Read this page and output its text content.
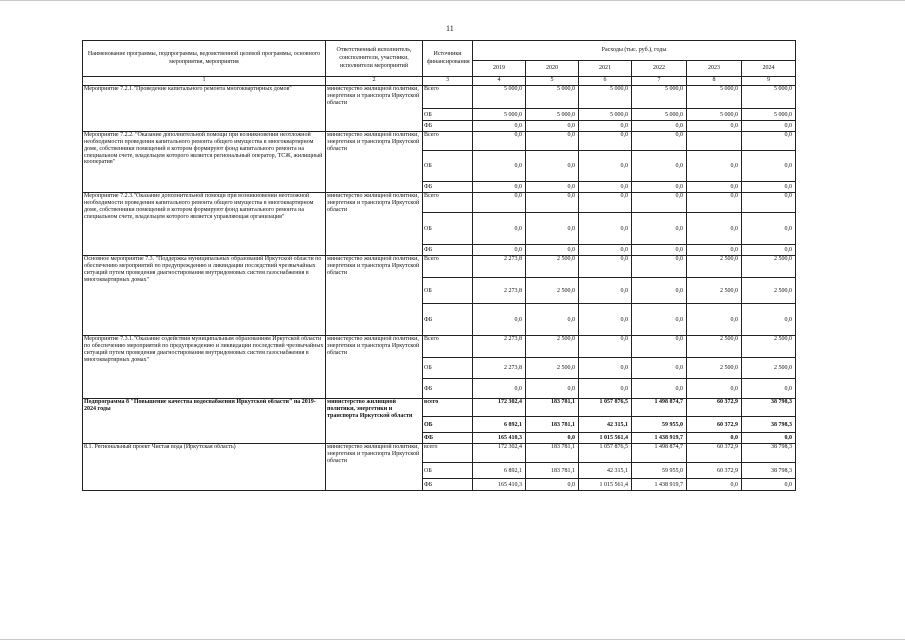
11
Наименование программы, подпрограммы, ведомственной целевой программы, основного мероприятия, мероприятия	Ответственный исполнитель, соисполнители, участники, исполнители мероприятий	Источники финансирования	Расходы (тыс. руб.), годы					
			2019	2020	2021	2022	2023	2024
1	2	3	4	5	6	7	8	9
Мероприятие 7.2.1."Проведение капитального ремонта многоквартирных домов"	министерство жилищной политики, энергетики и транспорта Иркутской области	Всего	5 000,0	5 000,0	5 000,0	5 000,0	5 000,0	5 000,0
		ОБ	5 000,0	5 000,0	5 000,0	5 000,0	5 000,0	5 000,0
		ФБ	0,0	0,0	0,0	0,0	0,0	0,0
Мероприятие 7.2.2. "Оказание дополнительной помощи при возникновении неотложной необходимости проведения капитального ремонта общего имущества в многоквартирном доме, собственники помещений в котором формируют фонд капитального ремонта на специальном счете, владельцем которого является региональный оператор, ТСЖ, жилищный кооператив"	министерство жилищной политики, энергетики и транспорта Иркутской области	Всего	0,0	0,0	0,0	0,0		0,0
		ОБ	0,0	0,0	0,0	0,0	0,0	0,0
		ФБ	0,0	0,0	0,0	0,0	0,0	0,0
Мероприятие 7.2.3."Оказание дополнительной помощи при возникновении неотложной необходимости проведения капитального ремонта общего имущества в многоквартирном доме, собственники помещений в котором формируют фонд капитального ремонта на специальном счете, владельцем которого является управляющая организация"	министерство жилищной политики, энергетики и транспорта Иркутской области	Всего	0,0	0,0	0,0	0,0	0,0	0,0
		ОБ	0,0	0,0	0,0	0,0	0,0	0,0
		ФБ	0,0	0,0	0,0	0,0	0,0	0,0
Основное мероприятие 7.3. "Поддержка муниципальных образований Иркутской области по обеспечению мероприятий по предупреждению и ликвидации последствий чрезвычайных ситуаций путем проведения диагностирования внутридомовых систем газоснабжения в многоквартирных домах"	министерство жилищной политики, энергетики и транспорта Иркутской области	Всего	2 273,8	2 500,0	0,0	0,0	2 500,0	2 500,0
		ОБ	2 273,8	2 500,0	0,0	0,0	2 500,0	2 500,0
		ФБ	0,0	0,0	0,0	0,0	0,0	0,0
Мероприятие 7.3.1."Оказание содействия муниципальным образованиям Иркутской области по обеспечению мероприятий по предупреждению и ликвидации последствий чрезвычайных ситуаций путем проведения диагностирования внутридомовых систем газоснабжения в многоквартирных домах"	министерство жилищной политики, энергетики и транспорта Иркутской области	Всего	2 273,8	2 500,0	0,0	0,0	2 500,0	2 500,0
		ОБ	2 273,8	2 500,0	0,0	0,0	2 500,0	2 500,0
		ФБ	0,0	0,0	0,0	0,0	0,0	0,0
Подпрограмма 8 "Повышение качества водоснабжения Иркутской области" на 2019-2024 годы	министерство жилищной политики, энергетики и транспорта Иркутской области	всего	172 302,4	183 781,1	1 057 876,5	1 498 874,7	60 372,9	38 798,3
		ОБ	6 892,1	183 781,1	42 315,1	59 955,0	60 372,9	38 798,3
		ФБ	165 410,3	0,0	1 015 561,4	1 438 919,7	0,0	0,0
8.1. Региональный проект Чистая вода (Иркутская область)	министерство жилищной политики, энергетики и транспорта Иркутской области	всего	172 302,4	183 781,1	1 057 876,5	1 498 874,7	60 372,9	38 798,3
		ОБ	6 892,1	183 781,1	42 315,1	59 955,0	60 372,9	38 798,3
		ФБ	165 410,3	0,0	1 015 561,4	1 438 919,7	0,0	0,0
